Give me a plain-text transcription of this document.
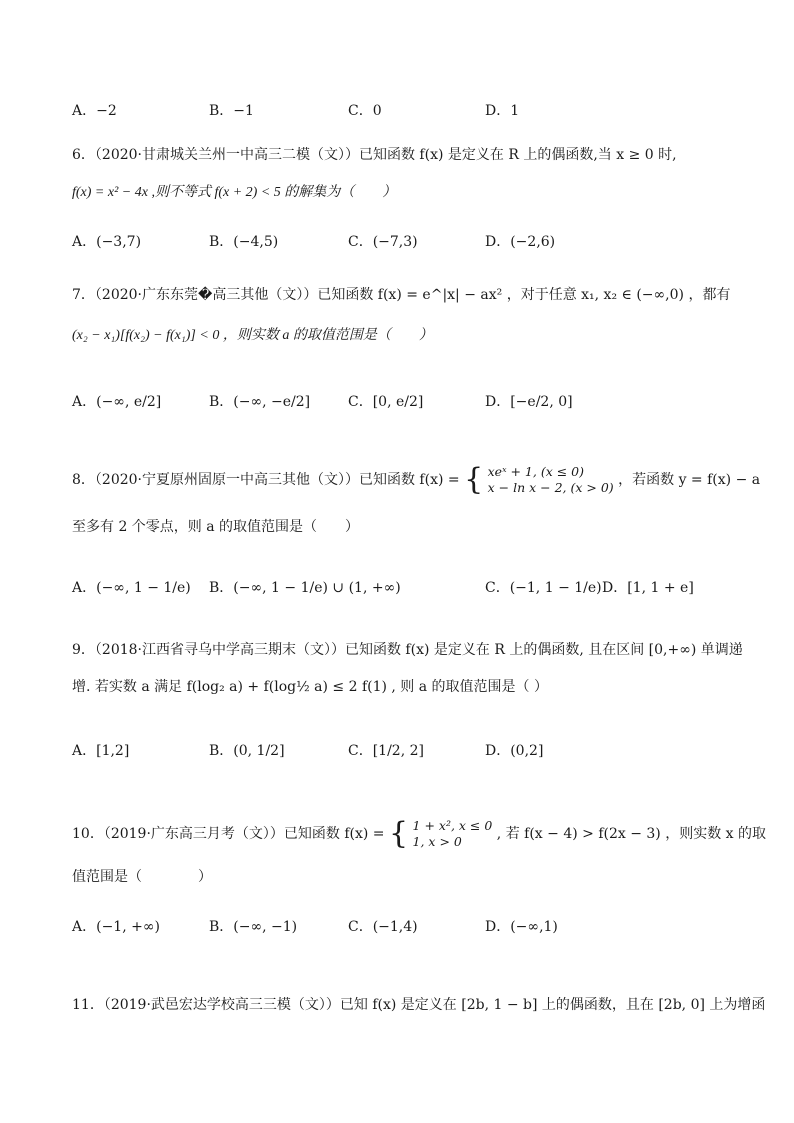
A．−2	B．−1	C．0	D．1
6．（2020·甘肃城关兰州一中高三二模（文））已知函数 f(x) 是定义在 R 上的偶函数,当 x ≥ 0 时,
f(x) = x² − 4x ,则不等式 f(x + 2) < 5 的解集为（　　）
A．(−3,7)	B．(−4,5)	C．(−7,3)	D．(−2,6)
7．（2020·广东东莞�高三其他（文））已知函数 f(x) = e^|x| − ax² ，对于任意 x₁, x₂ ∈ (−∞,0) ，都有
(x₂ − x₁)[f(x₂) − f(x₁)] < 0 ，则实数 a 的取值范围是（　　）
A．(−∞, e/2]	B．(−∞, −e/2]	C．[0, e/2]	D．[−e/2, 0]
8．（2020·宁夏原州固原一中高三其他（文））已知函数 f(x) = { xeˣ + 1, (x ≤ 0)
x − ln x − 2, (x > 0) ，若函数 y = f(x) − a
至多有 2 个零点，则 a 的取值范围是（　　）
A．(−∞, 1 − 1/e) B．(−∞, 1 − 1/e) ∪ (1, +∞)	C．(−1, 1 − 1/e) D．[1, 1 + e]
9．（2018·江西省寻乌中学高三期末（文））已知函数 f(x) 是定义在 R 上的偶函数, 且在区间 [0,+∞) 单调递
增. 若实数 a 满足 f(log₂ a) + f(log½ a) ≤ 2 f(1) , 则 a 的取值范围是（ ）
A．[1,2]	B．(0, 1/2]	C．[1/2, 2]	D．(0,2]
10．（2019·广东高三月考（文））已知函数 f(x) = { 1 + x², x ≤ 0
1, x > 0	, 若 f(x − 4) > f(2x − 3) ，则实数 x 的取
值范围是（　　　　）
A．(−1, +∞)	B．(−∞, −1)	C．(−1,4)	D．(−∞,1)
11．（2019·武邑宏达学校高三三模（文））已知 f(x) 是定义在 [2b, 1 − b] 上的偶函数，且在 [2b, 0] 上为增函
